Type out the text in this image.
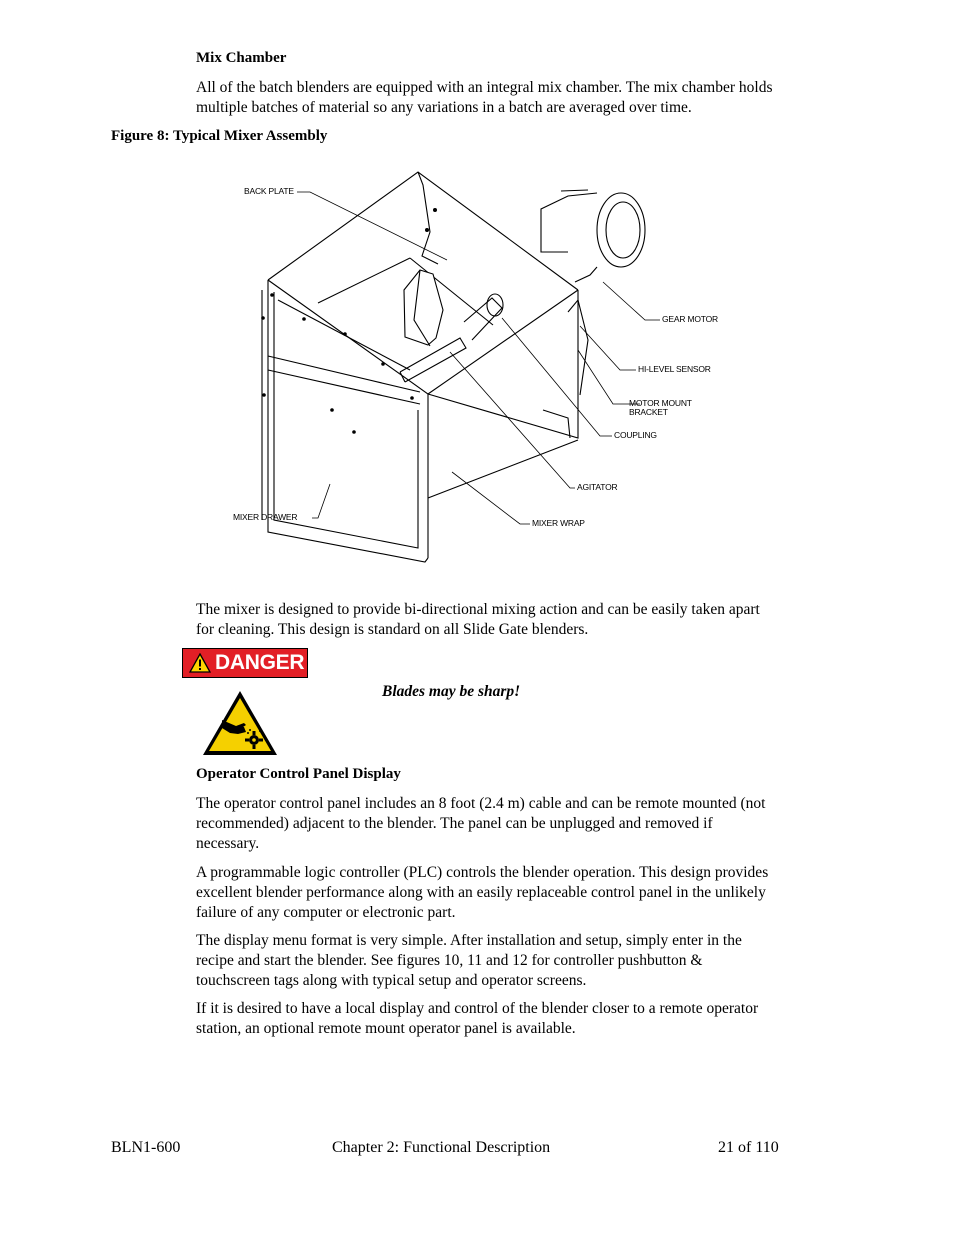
Mix Chamber
All of the batch blenders are equipped with an integral mix chamber. The mix chamber holds
multiple batches of material so any variations in a batch are averaged over time.
Figure 8: Typical Mixer Assembly
BACK PLATE
GEAR MOTOR
HI-LEVEL SENSOR
MOTOR MOUNT
BRACKET
COUPLING
AGITATOR
MIXER WRAP
MIXER DRAWER
The mixer is designed to provide bi-directional mixing action and can be easily taken apart
for cleaning. This design is standard on all Slide Gate blenders.
DANGER
Blades may be sharp!
Operator Control Panel Display
The operator control panel includes an 8 foot (2.4 m) cable and can be remote mounted (not
recommended) adjacent to the blender. The panel can be unplugged and removed if
necessary.
A programmable logic controller (PLC) controls the blender operation. This design provides
excellent blender performance along with an easily replaceable control panel in the unlikely
failure of any computer or electronic part.
The display menu format is very simple. After installation and setup, simply enter in the
recipe and start the blender. See figures 10, 11 and 12 for controller pushbutton &
touchscreen tags along with typical setup and operator screens.
If it is desired to have a local display and control of the blender closer to a remote operator
station, an optional remote mount operator panel is available.
BLN1-600	Chapter 2: Functional Description	21 of 110
